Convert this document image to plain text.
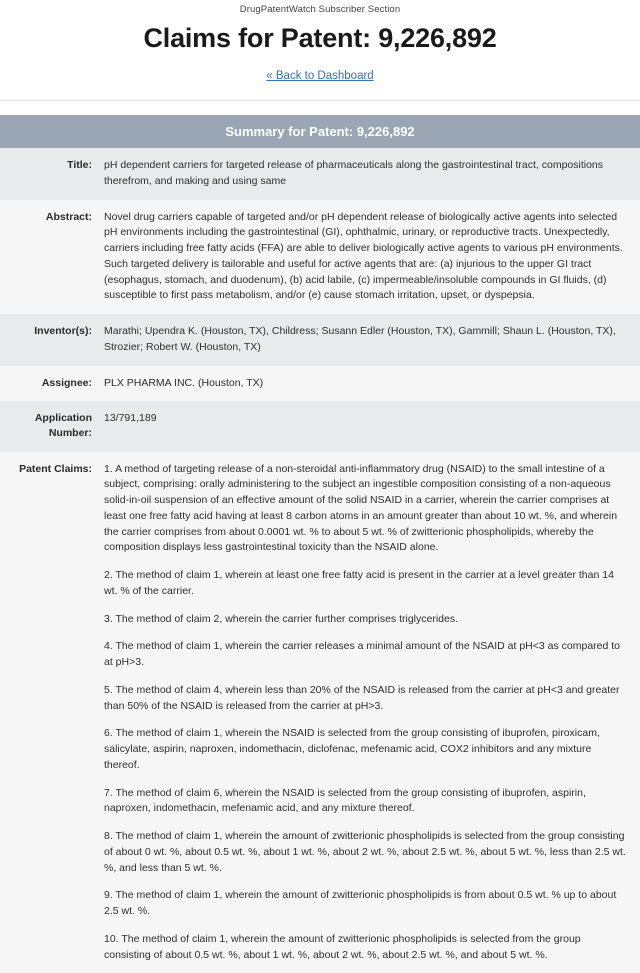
DrugPatentWatch Subscriber Section
Claims for Patent: 9,226,892
« Back to Dashboard
Summary for Patent: 9,226,892
Title:	pH dependent carriers for targeted release of pharmaceuticals along the gastrointestinal tract, compositions therefrom, and making and using same
Abstract:	Novel drug carriers capable of targeted and/or pH dependent release of biologically active agents into selected pH environments including the gastrointestinal (GI), ophthalmic, urinary, or reproductive tracts. Unexpectedly, carriers including free fatty acids (FFA) are able to deliver biologically active agents to various pH environments. Such targeted delivery is tailorable and useful for active agents that are: (a) injurious to the upper GI tract (esophagus, stomach, and duodenum), (b) acid labile, (c) impermeable/insoluble compounds in GI fluids, (d) susceptible to first pass metabolism, and/or (e) cause stomach irritation, upset, or dyspepsia.
Inventor(s):	Marathi; Upendra K. (Houston, TX), Childress; Susann Edler (Houston, TX), Gammill; Shaun L. (Houston, TX), Strozier; Robert W. (Houston, TX)
Assignee:	PLX PHARMA INC. (Houston, TX)
Application Number:	13/791,189
Patent Claims:	1. A method of targeting release of a non-steroidal anti-inflammatory drug (NSAID) to the small intestine of a subject, comprising: orally administering to the subject an ingestible composition consisting of a non-aqueous solid-in-oil suspension of an effective amount of the solid NSAID in a carrier, wherein the carrier comprises at least one free fatty acid having at least 8 carbon atoms in an amount greater than about 10 wt. %, and wherein the carrier comprises from about 0.0001 wt. % to about 5 wt. % of zwitterionic phospholipids, whereby the composition displays less gastrointestinal toxicity than the NSAID alone.

2. The method of claim 1, wherein at least one free fatty acid is present in the carrier at a level greater than 14 wt. % of the carrier.

3. The method of claim 2, wherein the carrier further comprises triglycerides.

4. The method of claim 1, wherein the carrier releases a minimal amount of the NSAID at pH<3 as compared to at pH>3.

5. The method of claim 4, wherein less than 20% of the NSAID is released from the carrier at pH<3 and greater than 50% of the NSAID is released from the carrier at pH>3.

6. The method of claim 1, wherein the NSAID is selected from the group consisting of ibuprofen, piroxicam, salicylate, aspirin, naproxen, indomethacin, diclofenac, mefenamic acid, COX2 inhibitors and any mixture thereof.

7. The method of claim 6, wherein the NSAID is selected from the group consisting of ibuprofen, aspirin, naproxen, indomethacin, mefenamic acid, and any mixture thereof.

8. The method of claim 1, wherein the amount of zwitterionic phospholipids is selected from the group consisting of about 0 wt. %, about 0.5 wt. %, about 1 wt. %, about 2 wt. %, about 2.5 wt. %, about 5 wt. %, less than 2.5 wt. %, and less than 5 wt. %.

9. The method of claim 1, wherein the amount of zwitterionic phospholipids is from about 0.5 wt. % up to about 2.5 wt. %.

10. The method of claim 1, wherein the amount of zwitterionic phospholipids is selected from the group consisting of about 0.5 wt. %, about 1 wt. %, about 2 wt. %, about 2.5 wt. %, and about 5 wt. %.
